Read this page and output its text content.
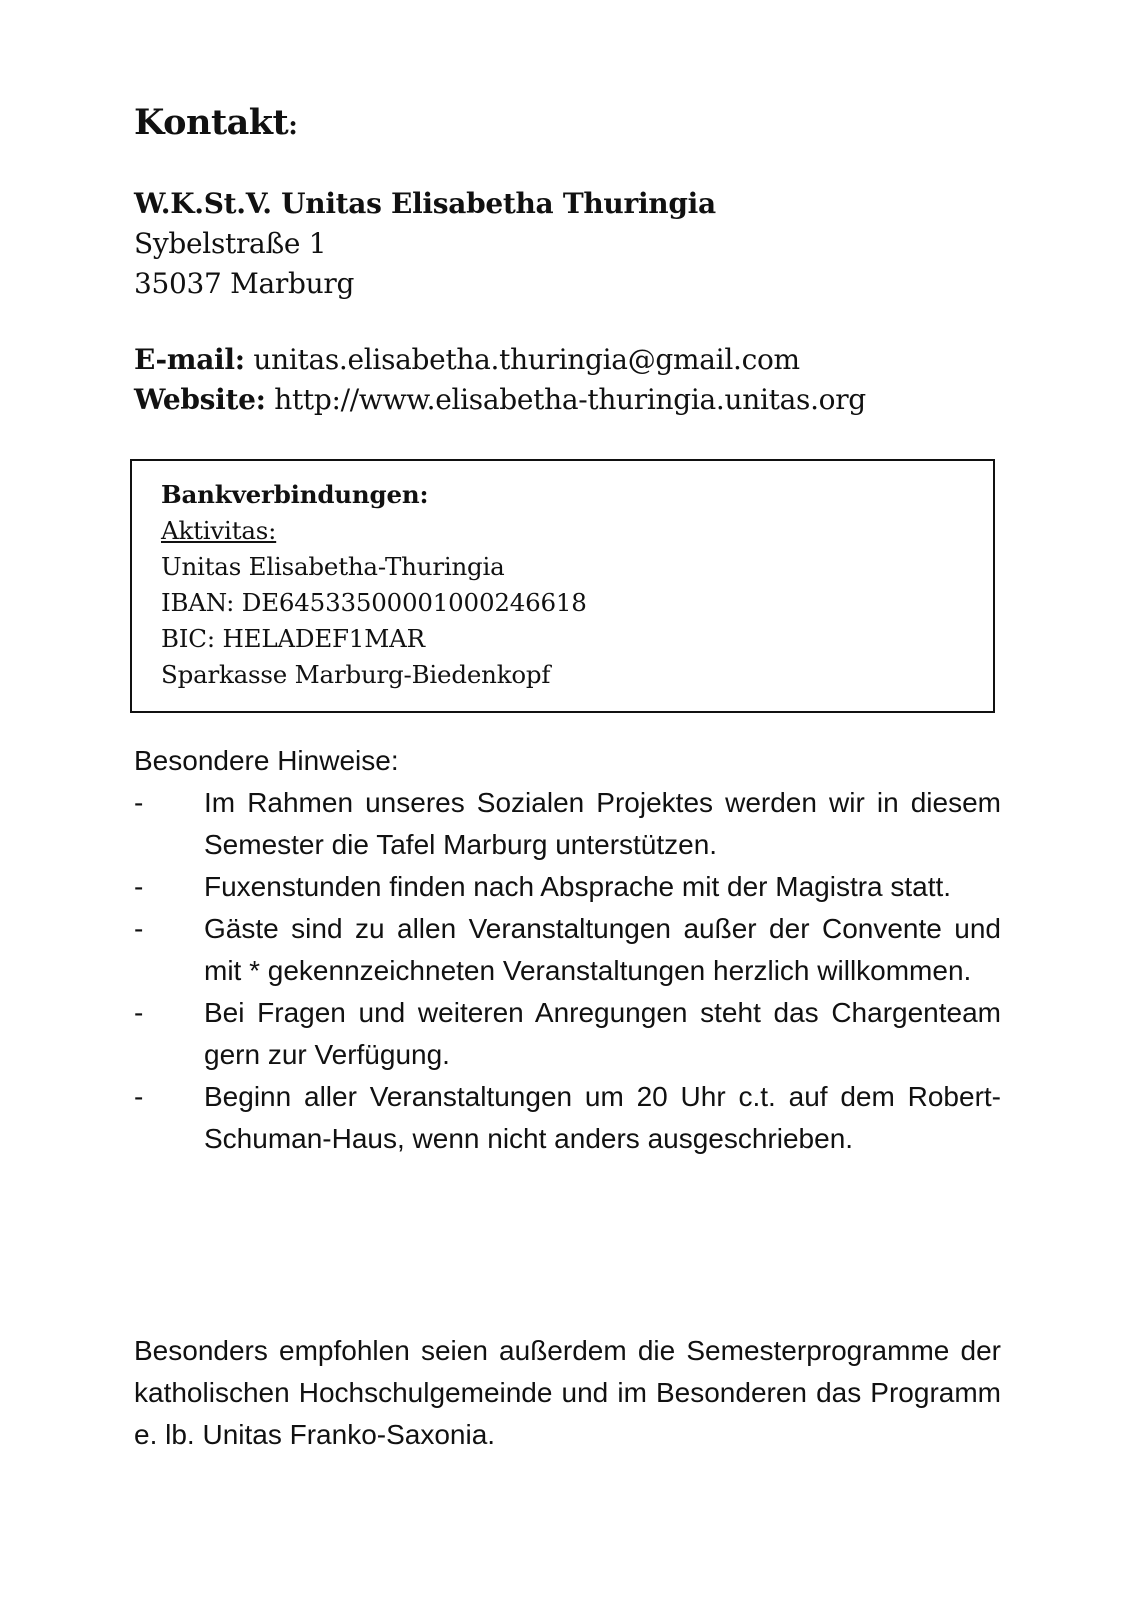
Kontakt:
W.K.St.V. Unitas Elisabetha Thuringia
Sybelstraße 1
35037 Marburg
E-mail: unitas.elisabetha.thuringia@gmail.com
Website: http://www.elisabetha-thuringia.unitas.org
Bankverbindungen:
Aktivitas:
Unitas Elisabetha-Thuringia
IBAN: DE64533500001000246618
BIC: HELADEF1MAR
Sparkasse Marburg-Biedenkopf

Besondere Hinweise:

- Im Rahmen unseres Sozialen Projektes werden wir in diesem Semester die Tafel Marburg unterstützen.
- Fuxenstunden finden nach Absprache mit der Magistra statt.
- Gäste sind zu allen Veranstaltungen außer der Convente und mit * gekennzeichneten Veranstaltungen herzlich willkommen.
- Bei Fragen und weiteren Anregungen steht das Chargenteam gern zur Verfügung.
- Beginn aller Veranstaltungen um 20 Uhr c.t. auf dem Robert-Schuman-Haus, wenn nicht anders ausgeschrieben.
Besonders empfohlen seien außerdem die Semesterprogramme der katholischen Hochschulgemeinde und im Besonderen das Programm e. lb. Unitas Franko-Saxonia.
